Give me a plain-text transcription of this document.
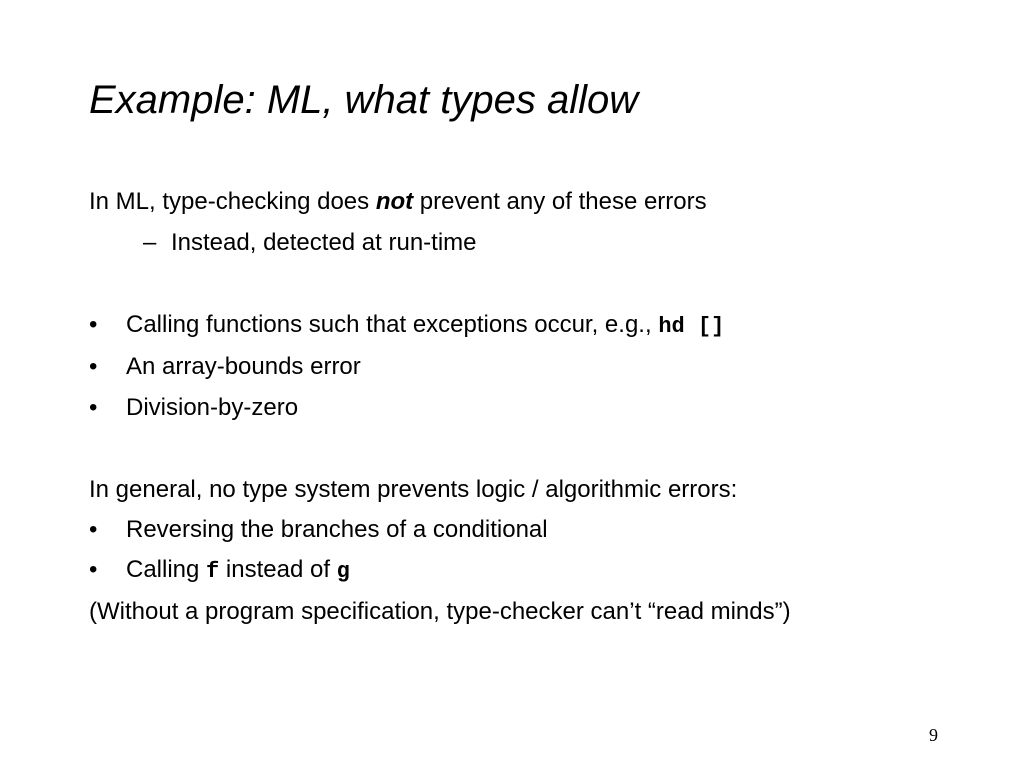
Example: ML, what types allow
In ML, type-checking does not prevent any of these errors
– Instead, detected at run-time
• Calling functions such that exceptions occur, e.g., hd []
• An array-bounds error
• Division-by-zero
In general, no type system prevents logic / algorithmic errors:
• Reversing the branches of a conditional
• Calling f instead of g
(Without a program specification, type-checker can’t “read minds”)
9
